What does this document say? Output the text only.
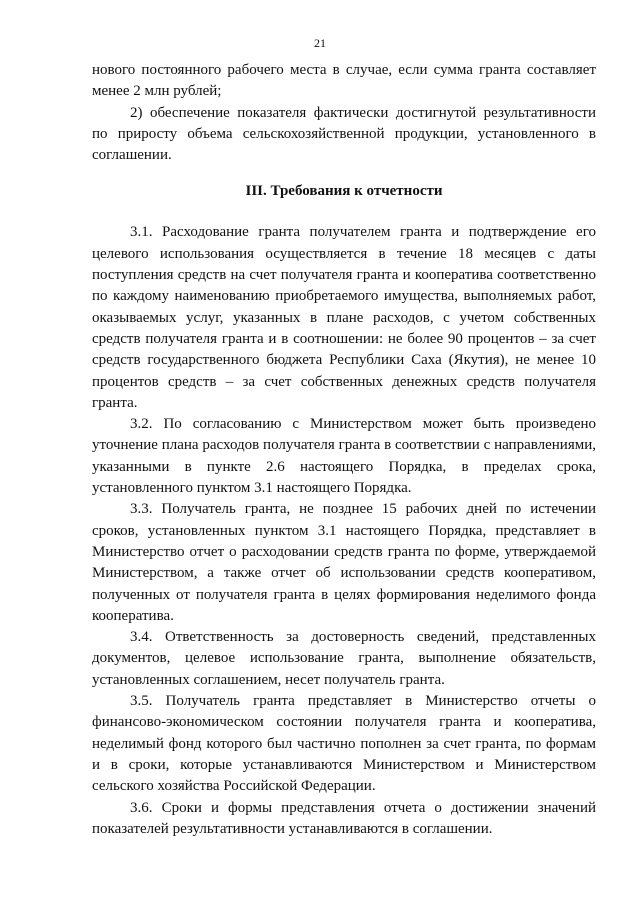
21

нового постоянного рабочего места в случае, если сумма гранта составляет менее 2 млн рублей;

2) обеспечение показателя фактически достигнутой результативности по приросту объема сельскохозяйственной продукции, установленного в соглашении.

III. Требования к отчетности

3.1. Расходование гранта получателем гранта и подтверждение его целевого использования осуществляется в течение 18 месяцев с даты поступления средств на счет получателя гранта и кооператива соответственно по каждому наименованию приобретаемого имущества, выполняемых работ, оказываемых услуг, указанных в плане расходов, с учетом собственных средств получателя гранта и в соотношении: не более 90 процентов – за счет средств государственного бюджета Республики Саха (Якутия), не менее 10 процентов средств – за счет собственных денежных средств получателя гранта.

3.2. По согласованию с Министерством может быть произведено уточнение плана расходов получателя гранта в соответствии с направлениями, указанными в пункте 2.6 настоящего Порядка, в пределах срока, установленного пунктом 3.1 настоящего Порядка.

3.3. Получатель гранта, не позднее 15 рабочих дней по истечении сроков, установленных пунктом 3.1 настоящего Порядка, представляет в Министерство отчет о расходовании средств гранта по форме, утверждаемой Министерством, а также отчет об использовании средств кооперативом, полученных от получателя гранта в целях формирования неделимого фонда кооператива.

3.4. Ответственность за достоверность сведений, представленных документов, целевое использование гранта, выполнение обязательств, установленных соглашением, несет получатель гранта.

3.5. Получатель гранта представляет в Министерство отчеты о финансово-экономическом состоянии получателя гранта и кооператива, неделимый фонд которого был частично пополнен за счет гранта, по формам и в сроки, которые устанавливаются Министерством и Министерством сельского хозяйства Российской Федерации.

3.6. Сроки и формы представления отчета о достижении значений показателей результативности устанавливаются в соглашении.
